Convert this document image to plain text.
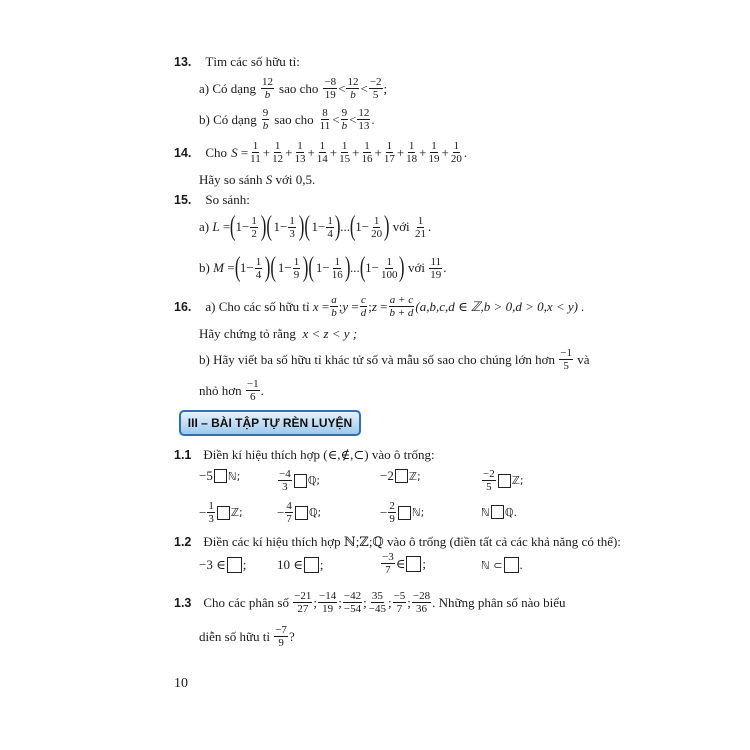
13. Tìm các số hữu tỉ:
a) Có dạng $\frac{12}{b}$ sao cho $\frac{-8}{19} < \frac{12}{b} < \frac{-2}{5}$ ;
b) Có dạng $\frac{9}{b}$ sao cho $\frac{8}{11} < \frac{9}{b} < \frac{12}{13}$ .
14. Cho $S = \frac{1}{11} + \frac{1}{12} + \frac{1}{13} + \frac{1}{14} + \frac{1}{15} + \frac{1}{16} + \frac{1}{17} + \frac{1}{18} + \frac{1}{19} + \frac{1}{20}$ .
Hãy so sánh
S
với 0,5.
15. So sánh:
a)
L = ( $1- \frac{1}{2}$ )( $1- \frac{1}{3}$ )( $1- \frac{1}{4}$ ) ... ( $1- \frac{1}{20}$ )
với
$\frac{1}{21}$ .
b)
M = ( $1- \frac{1}{4}$ )( $1- \frac{1}{9}$ )( $1- \frac{1}{16}$ ) ... ( $1- \frac{1}{100}$ )
với
$\frac{11}{19}$ .
16. a) Cho các số hữu tỉ
$x = \frac{a}{b}$ ; $y = \frac{c}{d}$ ; $z = \frac{a + c}{b + d} (a,b,c,d$ ∈ ℤ,b > 0,d > 0,x < y) .
Hãy chứng tỏ rằng
x < z < y ;
b) Hãy viết ba số hữu tỉ khác tử số và mẫu số sao cho chúng lớn hơn
$\frac{-1}{5}$
và
nhỏ hơn
$\frac{-1}{6}$ .
III – BÀI TẬP TỰ RÈN LUYỆN
1.1 Điền kí hiệu thích hợp (∈,∉,⊂) vào ô trống:
−5 ℕ;	$\frac{-4}{3}$ ℚ;	−2 ℤ;	$\frac{-2}{5}$ ℤ;
− $\frac{1}{3}$ ℤ;	− $\frac{4}{7}$ ℚ;	− $\frac{2}{9}$ ℕ;	ℕ ℚ.
1.2 Điền các kí hiệu thích hợp ℕ;ℤ;ℚ vào ô trống (điền tất cả các khả năng có thể):
−3 ∈ ; 10 ∈ ;	$\frac{-3}{7}$ ∈ ;	ℕ ⊂ .
1.3 Cho các phân số
$\frac{-21}{27}$ ; $\frac{-14}{19}$ ; $\frac{-42}{-54}$ ; $\frac{35}{-45}$ ; $\frac{-5}{7}$ ; $\frac{-28}{36}$ . Những phân số nào biểu
diễn số hữu tỉ
$\frac{-7}{9}$ ?
10
